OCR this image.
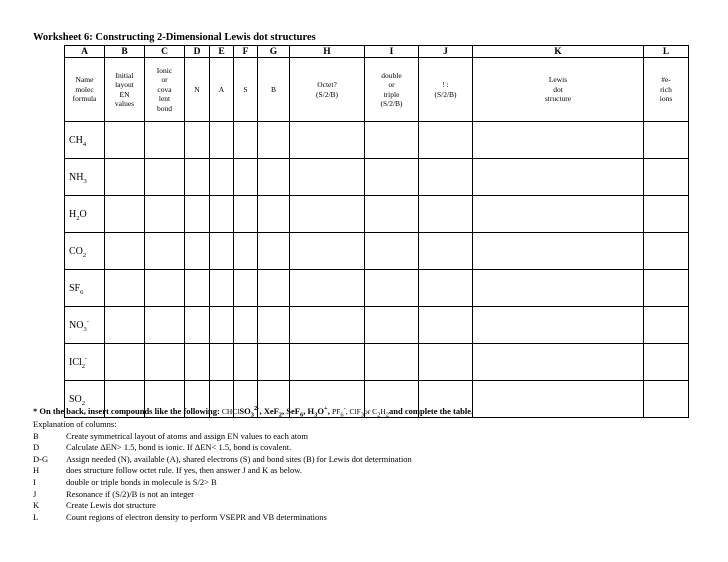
Worksheet 6: Constructing 2-Dimensional Lewis dot structures
A	B	C	D	E	F	G	H	I	J	K	L

Name
molec
formula	Initial
layout
EN
values	Ionic
or
cova
lent
bond	N	A	S	B	Octet?
(S/2/B)	double
or
triple
(S/2/B)	! :
(S/2/B)	Lewis
dot
structure	#e-
rich
ions

$CH_4$											
$NH_3$											
$H_2O$											
$CO_2$											
$SF_6$											
$NO_3^-$											
ICl$_2$-											
$SO_2$											
* On the back, insert compounds like the following: CHClSO$_3^{2-}$, XeF$_2$, SeF$_6$, $H_3O^+$, $PF_6^-$, ClF$_3$or $C_2H_2and$ complete the table.
Explanation of columns:
B	Create symmetrical layout of atoms and assign EN values to each atom
D	Calculate ΔEN> 1.5, bond is ionic. If ΔEN< 1.5, bond is covalent.
D-G Assign needed (N), available (A), shared electrons (S) and bond sites (B) for Lewis dot determination
H	does structure follow octet rule. If yes, then answer J and K as below.
I	double or triple bonds in molecule is S/2> B
J	Resonance if (S/2)/B is not an integer
K	Create Lewis dot structure
L	Count regions of electron density to perform VSEPR and VB determinations
